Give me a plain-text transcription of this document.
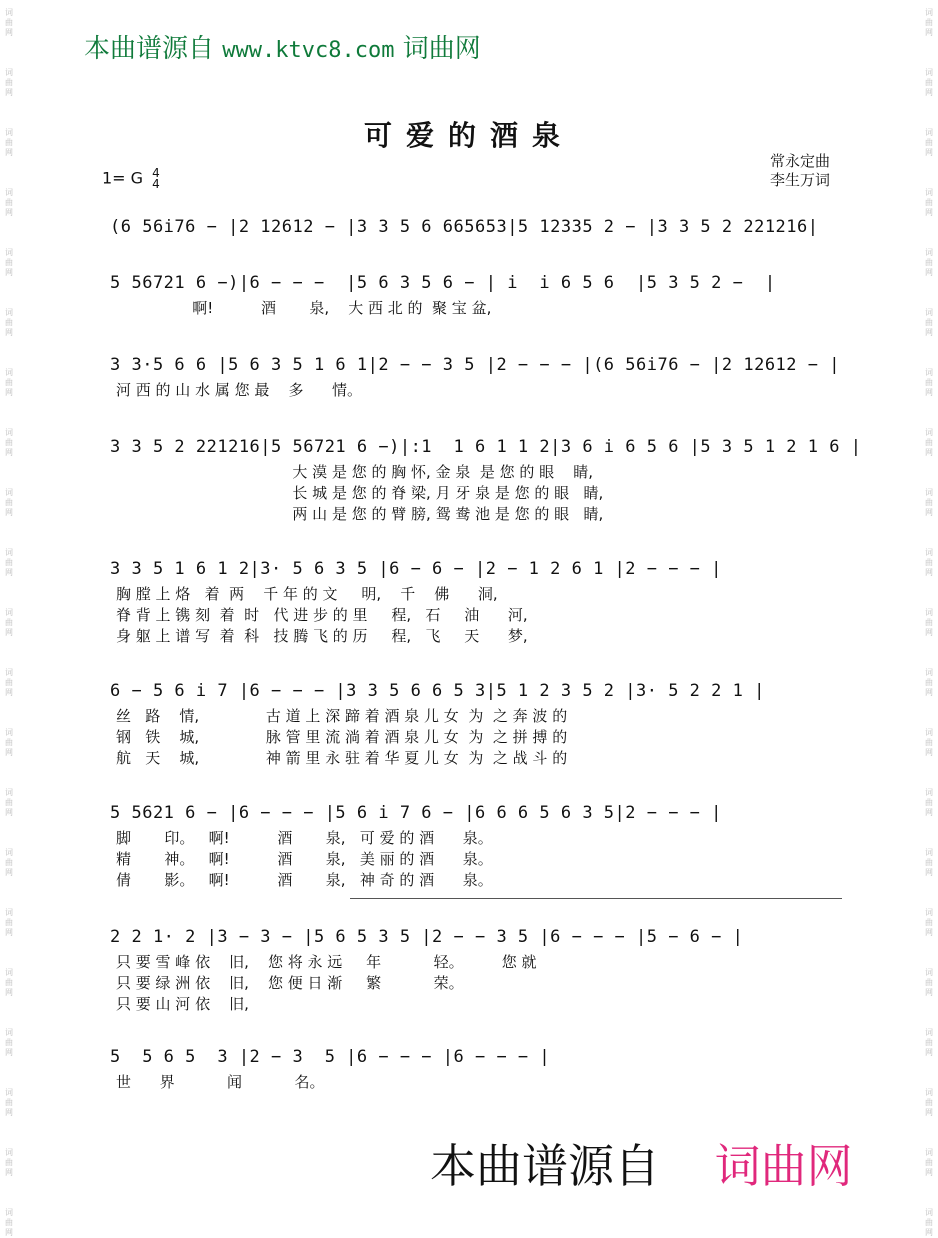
词
曲
网
词
曲
网
词
曲
网
词
曲
网
词
曲
网
词
曲
网
词
曲
网
词
曲
网
词
曲
网
词
曲
网
词
曲
网
词
曲
网
词
曲
网
词
曲
网
词
曲
网
词
曲
网
词
曲
网
词
曲
网
词
曲
网
词
曲
网
词
曲
网
词
曲
网
词
曲
网
词
曲
网
词
曲
网
词
曲
网
词
曲
网
词
曲
网
词
曲
网
词
曲
网
词
曲
网
词
曲
网
词
曲
网
词
曲
网
词
曲
网
词
曲
网
词
曲
网
词
曲
网
词
曲
网
词
曲
网
词
曲
网
词
曲
网
本曲谱源自 www.ktvc8.com 词曲网
可爱的酒泉
1= G 4
4
常永定曲
李生万词
(6 56i76 − |2 12612 − |3 3 5 6 665653|5 12335 2 − |3 3 5 2 221216|
5 56721 6 −)|6 − − −  |5 6 3 5 6 − | i  i 6 5 6  |5 3 5 2 −  |
啊!          酒       泉,    大 西 北 的  聚 宝 盆,
3 3·5 6 6 |5 6 3 5 1 6 1|2 − − 3 5 |2 − − − |(6 56i76 − |2 12612 − |
河 西 的 山 水 属 您 最    多      情。
3 3 5 2 221216|5 56721 6 −)|:1  1 6 1 1 2|3 6 i 6 5 6 |5 3 5 1 2 1 6 |
大 漠 是 您 的 胸 怀, 金 泉  是 您 的 眼    睛,
长 城 是 您 的 脊 梁, 月 牙 泉 是 您 的 眼   睛,
两 山 是 您 的 臂 膀, 鸳 鸯 池 是 您 的 眼   睛,
3 3 5 1 6 1 2|3· 5 6 3 5 |6 − 6 − |2 − 1 2 6 1 |2 − − − |
胸 膛 上 烙   着  两    千 年 的 文     明,    千    佛      洞,
脊 背 上 镌 刻  着  时   代 进 步 的 里     程,   石     油      河,
身 躯 上 谱 写  着  科   技 腾 飞 的 历     程,   飞     天      梦,
6 − 5 6 i 7 |6 − − − |3 3 5 6 6 5 3|5 1 2 3 5 2 |3· 5 2 2 1 |
丝   路    情,              古 道 上 深 蹄 着 酒 泉 儿 女  为  之 奔 波 的
钢   铁    城,              脉 管 里 流 淌 着 酒 泉 儿 女  为  之 拼 搏 的
航   天    城,              神 箭 里 永 驻 着 华 夏 儿 女  为  之 战 斗 的
5 5621 6 − |6 − − − |5 6 i 7 6 − |6 6 6 5 6 3 5|2 − − − |
脚       印。   啊!          酒       泉,   可 爱 的 酒      泉。
精       神。   啊!          酒       泉,   美 丽 的 酒      泉。
倩       影。   啊!          酒       泉,   神 奇 的 酒      泉。
2 2 1· 2 |3 − 3 − |5 6 5 3 5 |2 − − 3 5 |6 − − − |5 − 6 − |
只 要 雪 峰 依    旧,    您 将 永 远     年           轻。        您 就
只 要 绿 洲 依    旧,    您 便 日 渐     繁           荣。
只 要 山 河 依    旧,
5  5 6 5  3 |2 − 3  5 |6 − − − |6 − − − |
世      界           闻           名。
本曲谱源自 词曲网
